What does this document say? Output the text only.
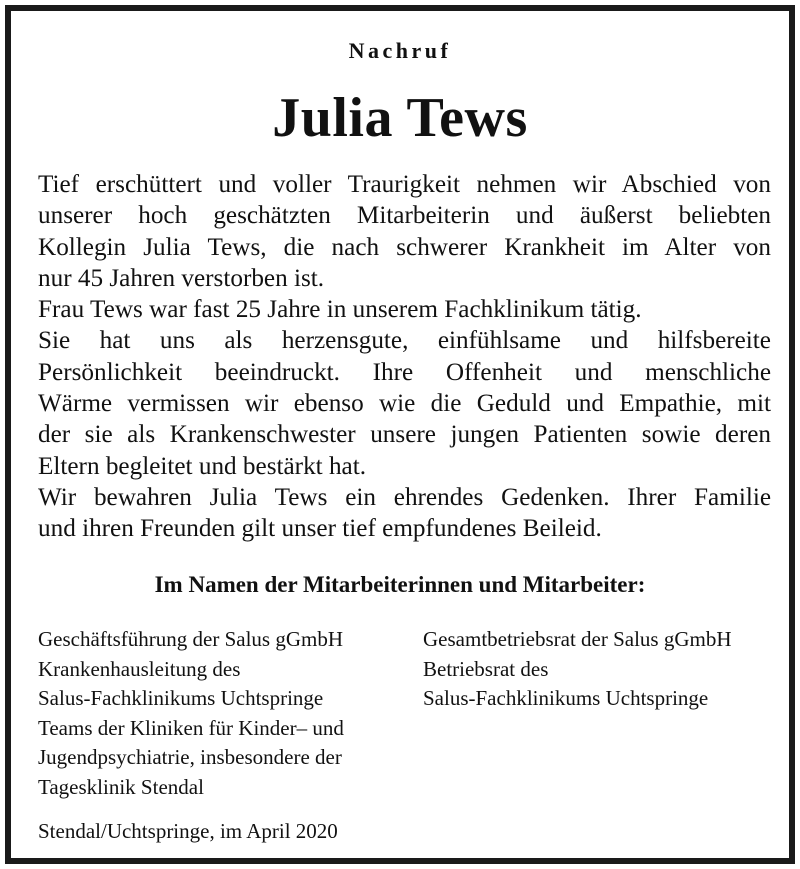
Nachruf
Julia Tews

Tief erschüttert und voller Traurigkeit nehmen wir Abschied von

unserer hoch geschätzten Mitarbeiterin und äußerst beliebten

Kollegin Julia Tews, die nach schwerer Krankheit im Alter von

nur 45 Jahren verstorben ist.

Frau Tews war fast 25 Jahre in unserem Fachklinikum tätig.

Sie hat uns als herzensgute, einfühlsame und hilfsbereite

Persönlichkeit beeindruckt. Ihre Offenheit und menschliche

Wärme vermissen wir ebenso wie die Geduld und Empathie, mit

der sie als Krankenschwester unsere jungen Patienten sowie deren

Eltern begleitet und bestärkt hat.

Wir bewahren Julia Tews ein ehrendes Gedenken. Ihrer Familie

und ihren Freunden gilt unser tief empfundenes Beileid.

Im Namen der Mitarbeiterinnen und Mitarbeiter:
Geschäftsführung der Salus gGmbH
Krankenhausleitung des
Salus-Fachklinikums Uchtspringe
Teams der Kliniken für Kinder– und
Jugendpsychiatrie, insbesondere der
Tagesklinik Stendal
Gesamtbetriebsrat der Salus gGmbH
Betriebsrat des
Salus-Fachklinikums Uchtspringe
Stendal/Uchtspringe, im April 2020
